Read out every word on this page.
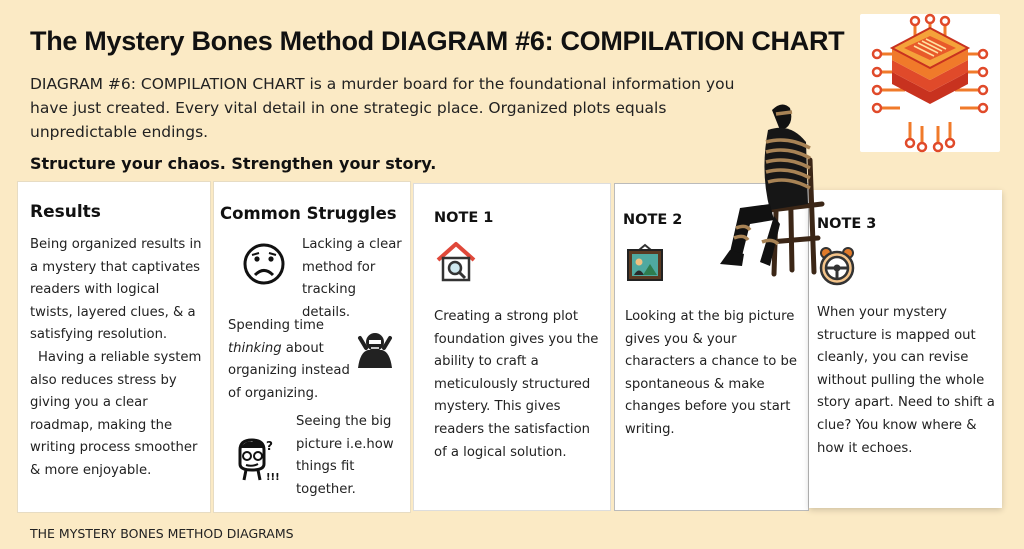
The Mystery Bones Method DIAGRAM #6: COMPILATION CHART
DIAGRAM #6: COMPILATION CHART is a murder board for the foundational information you have just created. Every vital detail in one strategic place. Organized plots equals unpredictable endings.
Structure your chaos. Strengthen your story.
Results
Being organized results in a mystery that captivates readers with logical twists, layered clues, & a satisfying resolution.
Having a reliable system also reduces stress by giving you a clear roadmap, making the writing process smoother & more enjoyable.
Common Struggles
Lacking a clear method for tracking details.
Spending time
thinking about organizing instead of organizing.
!!!
?
Seeing the big picture i.e.how things fit together.
NOTE 1
Creating a strong plot foundation gives you the ability to craft a meticulously structured mystery. This gives readers the satisfaction of a logical solution.
NOTE 2
Looking at the big picture gives you & your characters a chance to be spontaneous & make changes before you start writing.
NOTE 3
When your mystery structure is mapped out cleanly, you can revise without pulling the whole story apart. Need to shift a clue? You know where & how it echoes.
THE MYSTERY BONES METHOD DIAGRAMS
